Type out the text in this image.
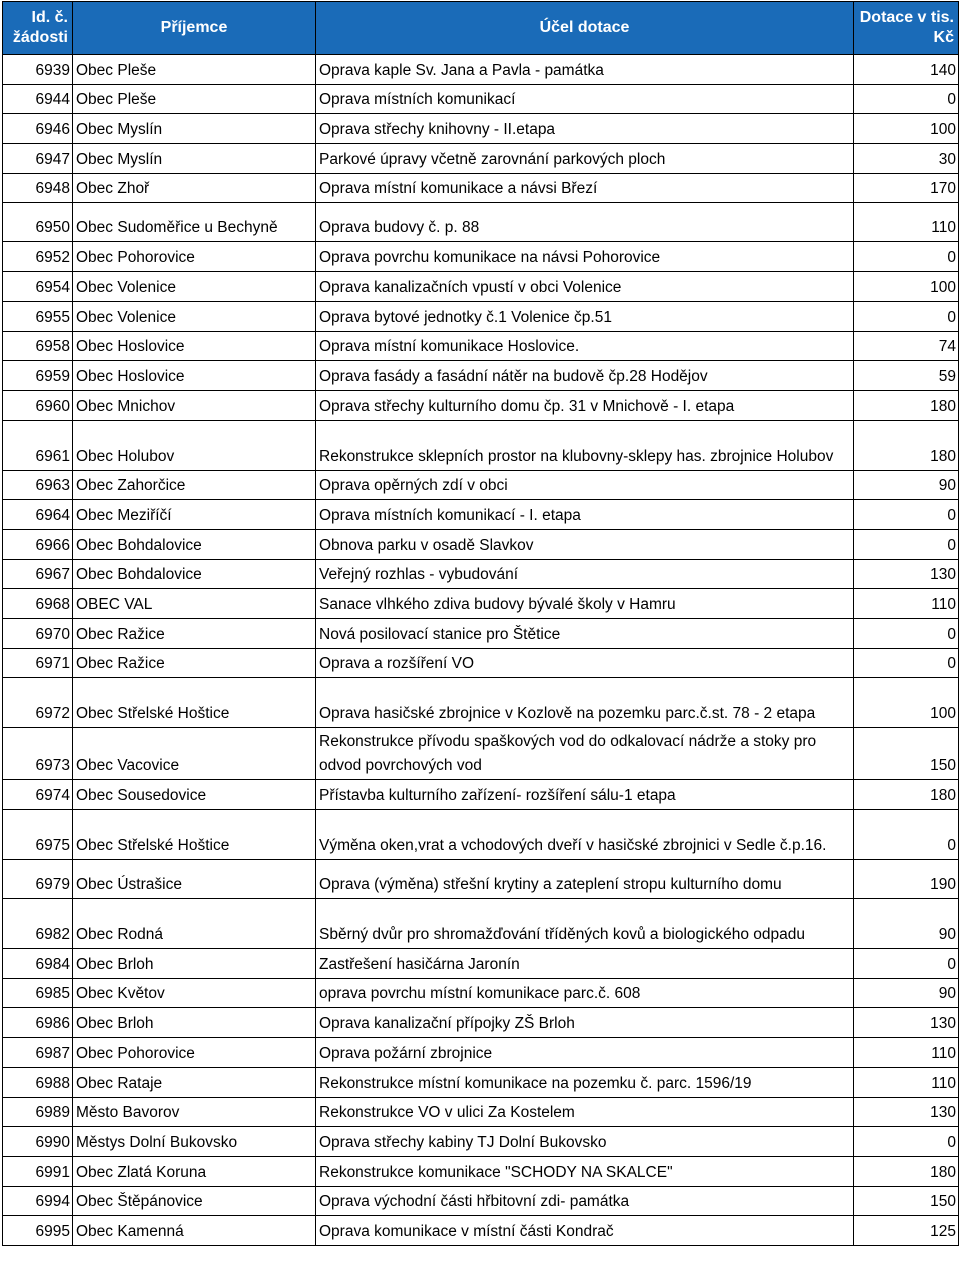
Id. č. žádosti	Příjemce	Účel dotace	Dotace v tis. Kč
6939	Obec Pleše	Oprava kaple Sv. Jana a Pavla - památka	140
6944	Obec Pleše	Oprava místních komunikací	0
6946	Obec Myslín	Oprava střechy knihovny - II.etapa	100
6947	Obec Myslín	Parkové úpravy včetně zarovnání parkových ploch	30
6948	Obec Zhoř	Oprava místní komunikace a návsi Březí	170
6950	Obec Sudoměřice u Bechyně	Oprava budovy č. p. 88	110
6952	Obec Pohorovice	Oprava povrchu komunikace na návsi Pohorovice	0
6954	Obec Volenice	Oprava kanalizačních vpustí v obci Volenice	100
6955	Obec Volenice	Oprava bytové jednotky č.1 Volenice čp.51	0
6958	Obec Hoslovice	Oprava místní komunikace Hoslovice.	74
6959	Obec Hoslovice	Oprava fasády a fasádní nátěr na budově čp.28 Hodějov	59
6960	Obec Mnichov	Oprava střechy kulturního domu čp. 31 v Mnichově - I. etapa	180
6961	Obec Holubov	Rekonstrukce sklepních prostor na klubovny-sklepy has. zbrojnice Holubov	180
6963	Obec Zahorčice	Oprava opěrných zdí v obci	90
6964	Obec Meziříčí	Oprava místních komunikací - I. etapa	0
6966	Obec Bohdalovice	Obnova parku v osadě Slavkov	0
6967	Obec Bohdalovice	Veřejný rozhlas - vybudování	130
6968	OBEC VAL	Sanace vlhkého zdiva budovy bývalé školy v Hamru	110
6970	Obec Ražice	Nová posilovací stanice pro Štětice	0
6971	Obec Ražice	Oprava a rozšíření VO	0
6972	Obec Střelské Hoštice	Oprava hasičské zbrojnice v Kozlově na pozemku parc.č.st. 78 - 2 etapa	100
6973	Obec Vacovice	Rekonstrukce přívodu spaškových vod do odkalovací nádrže a stoky pro odvod povrchových vod	150
6974	Obec Sousedovice	Přístavba kulturního zařízení- rozšíření sálu-1 etapa	180
6975	Obec Střelské Hoštice	Výměna oken,vrat a vchodových dveří v hasičské zbrojnici v Sedle č.p.16.	0
6979	Obec Ústrašice	Oprava (výměna) střešní krytiny a zateplení stropu kulturního domu	190
6982	Obec Rodná	Sběrný dvůr pro shromažďování tříděných kovů a biologického odpadu	90
6984	Obec Brloh	Zastřešení hasičárna Jaronín	0
6985	Obec Květov	oprava povrchu místní komunikace parc.č. 608	90
6986	Obec Brloh	Oprava kanalizační přípojky ZŠ Brloh	130
6987	Obec Pohorovice	Oprava požární zbrojnice	110
6988	Obec Rataje	Rekonstrukce místní komunikace na pozemku č. parc. 1596/19	110
6989	Město Bavorov	Rekonstrukce VO v ulici Za Kostelem	130
6990	Městys Dolní Bukovsko	Oprava střechy kabiny TJ Dolní Bukovsko	0
6991	Obec Zlatá Koruna	Rekonstrukce komunikace "SCHODY NA SKALCE"	180
6994	Obec Štěpánovice	Oprava východní části hřbitovní zdi- památka	150
6995	Obec Kamenná	Oprava komunikace v místní části Kondrač	125
